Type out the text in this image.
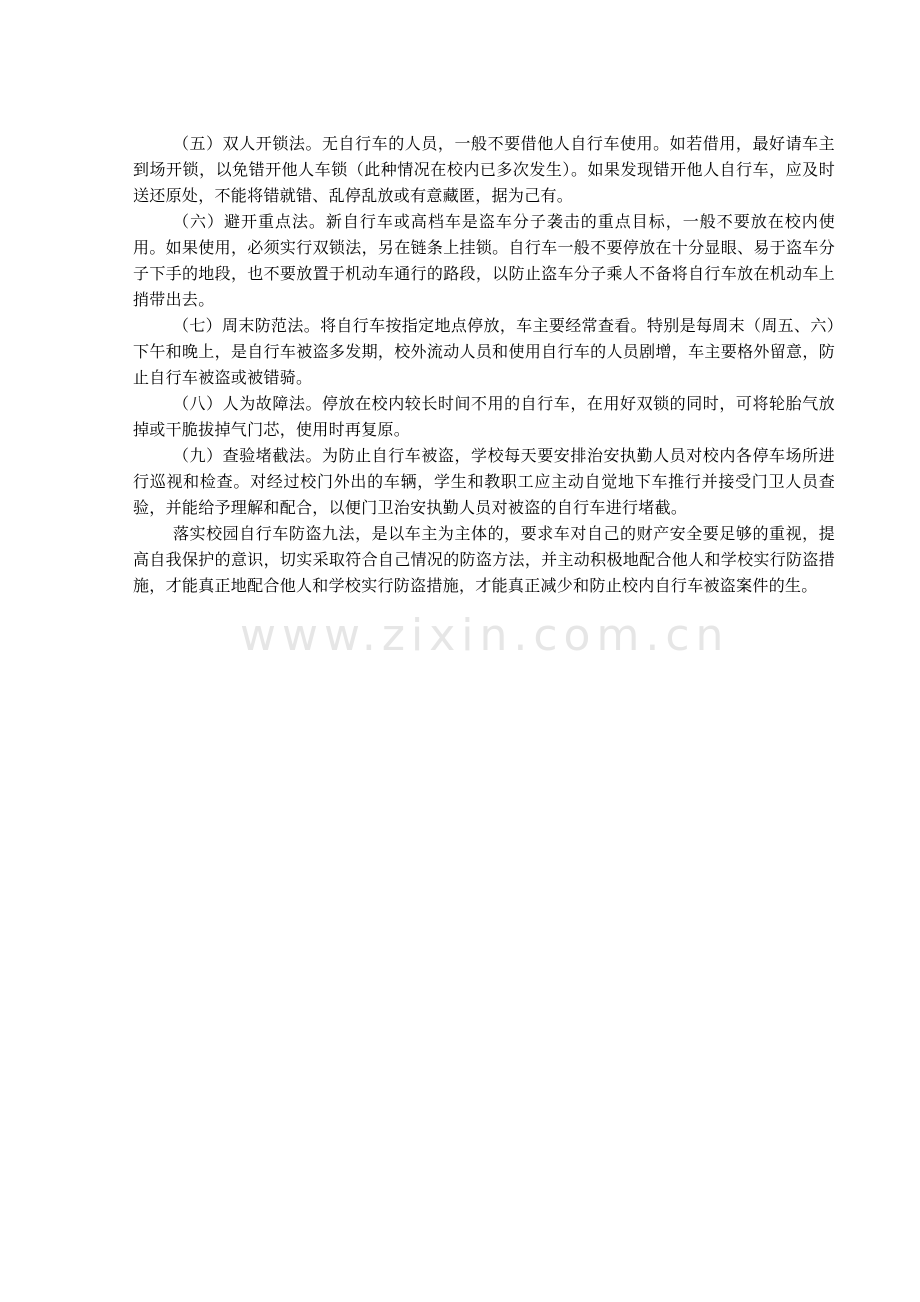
www.zixin.com.cn

（五）双人开锁法。无自行车的人员，一般不要借他人自行车使用。如若借用，最好请车主到场开锁，以免错开他人车锁（此种情况在校内已多次发生）。如果发现错开他人自行车，应及时送还原处，不能将错就错、乱停乱放或有意藏匿，据为己有。

（六）避开重点法。新自行车或高档车是盗车分子袭击的重点目标，一般不要放在校内使用。如果使用，必须实行双锁法，另在链条上挂锁。自行车一般不要停放在十分显眼、易于盗车分子下手的地段，也不要放置于机动车通行的路段，以防止盗车分子乘人不备将自行车放在机动车上捎带出去。

（七）周末防范法。将自行车按指定地点停放，车主要经常查看。特别是每周末（周五、六）下午和晚上，是自行车被盗多发期，校外流动人员和使用自行车的人员剧增，车主要格外留意，防止自行车被盗或被错骑。

（八）人为故障法。停放在校内较长时间不用的自行车，在用好双锁的同时，可将轮胎气放掉或干脆拔掉气门芯，使用时再复原。

（九）查验堵截法。为防止自行车被盗，学校每天要安排治安执勤人员对校内各停车场所进行巡视和检查。对经过校门外出的车辆，学生和教职工应主动自觉地下车推行并接受门卫人员查验，并能给予理解和配合，以便门卫治安执勤人员对被盗的自行车进行堵截。

落实校园自行车防盗九法，是以车主为主体的，要求车对自己的财产安全要足够的重视，提高自我保护的意识，切实采取符合自己情况的防盗方法，并主动积极地配合他人和学校实行防盗措施，才能真正地配合他人和学校实行防盗措施，才能真正减少和防止校内自行车被盗案件的生。
